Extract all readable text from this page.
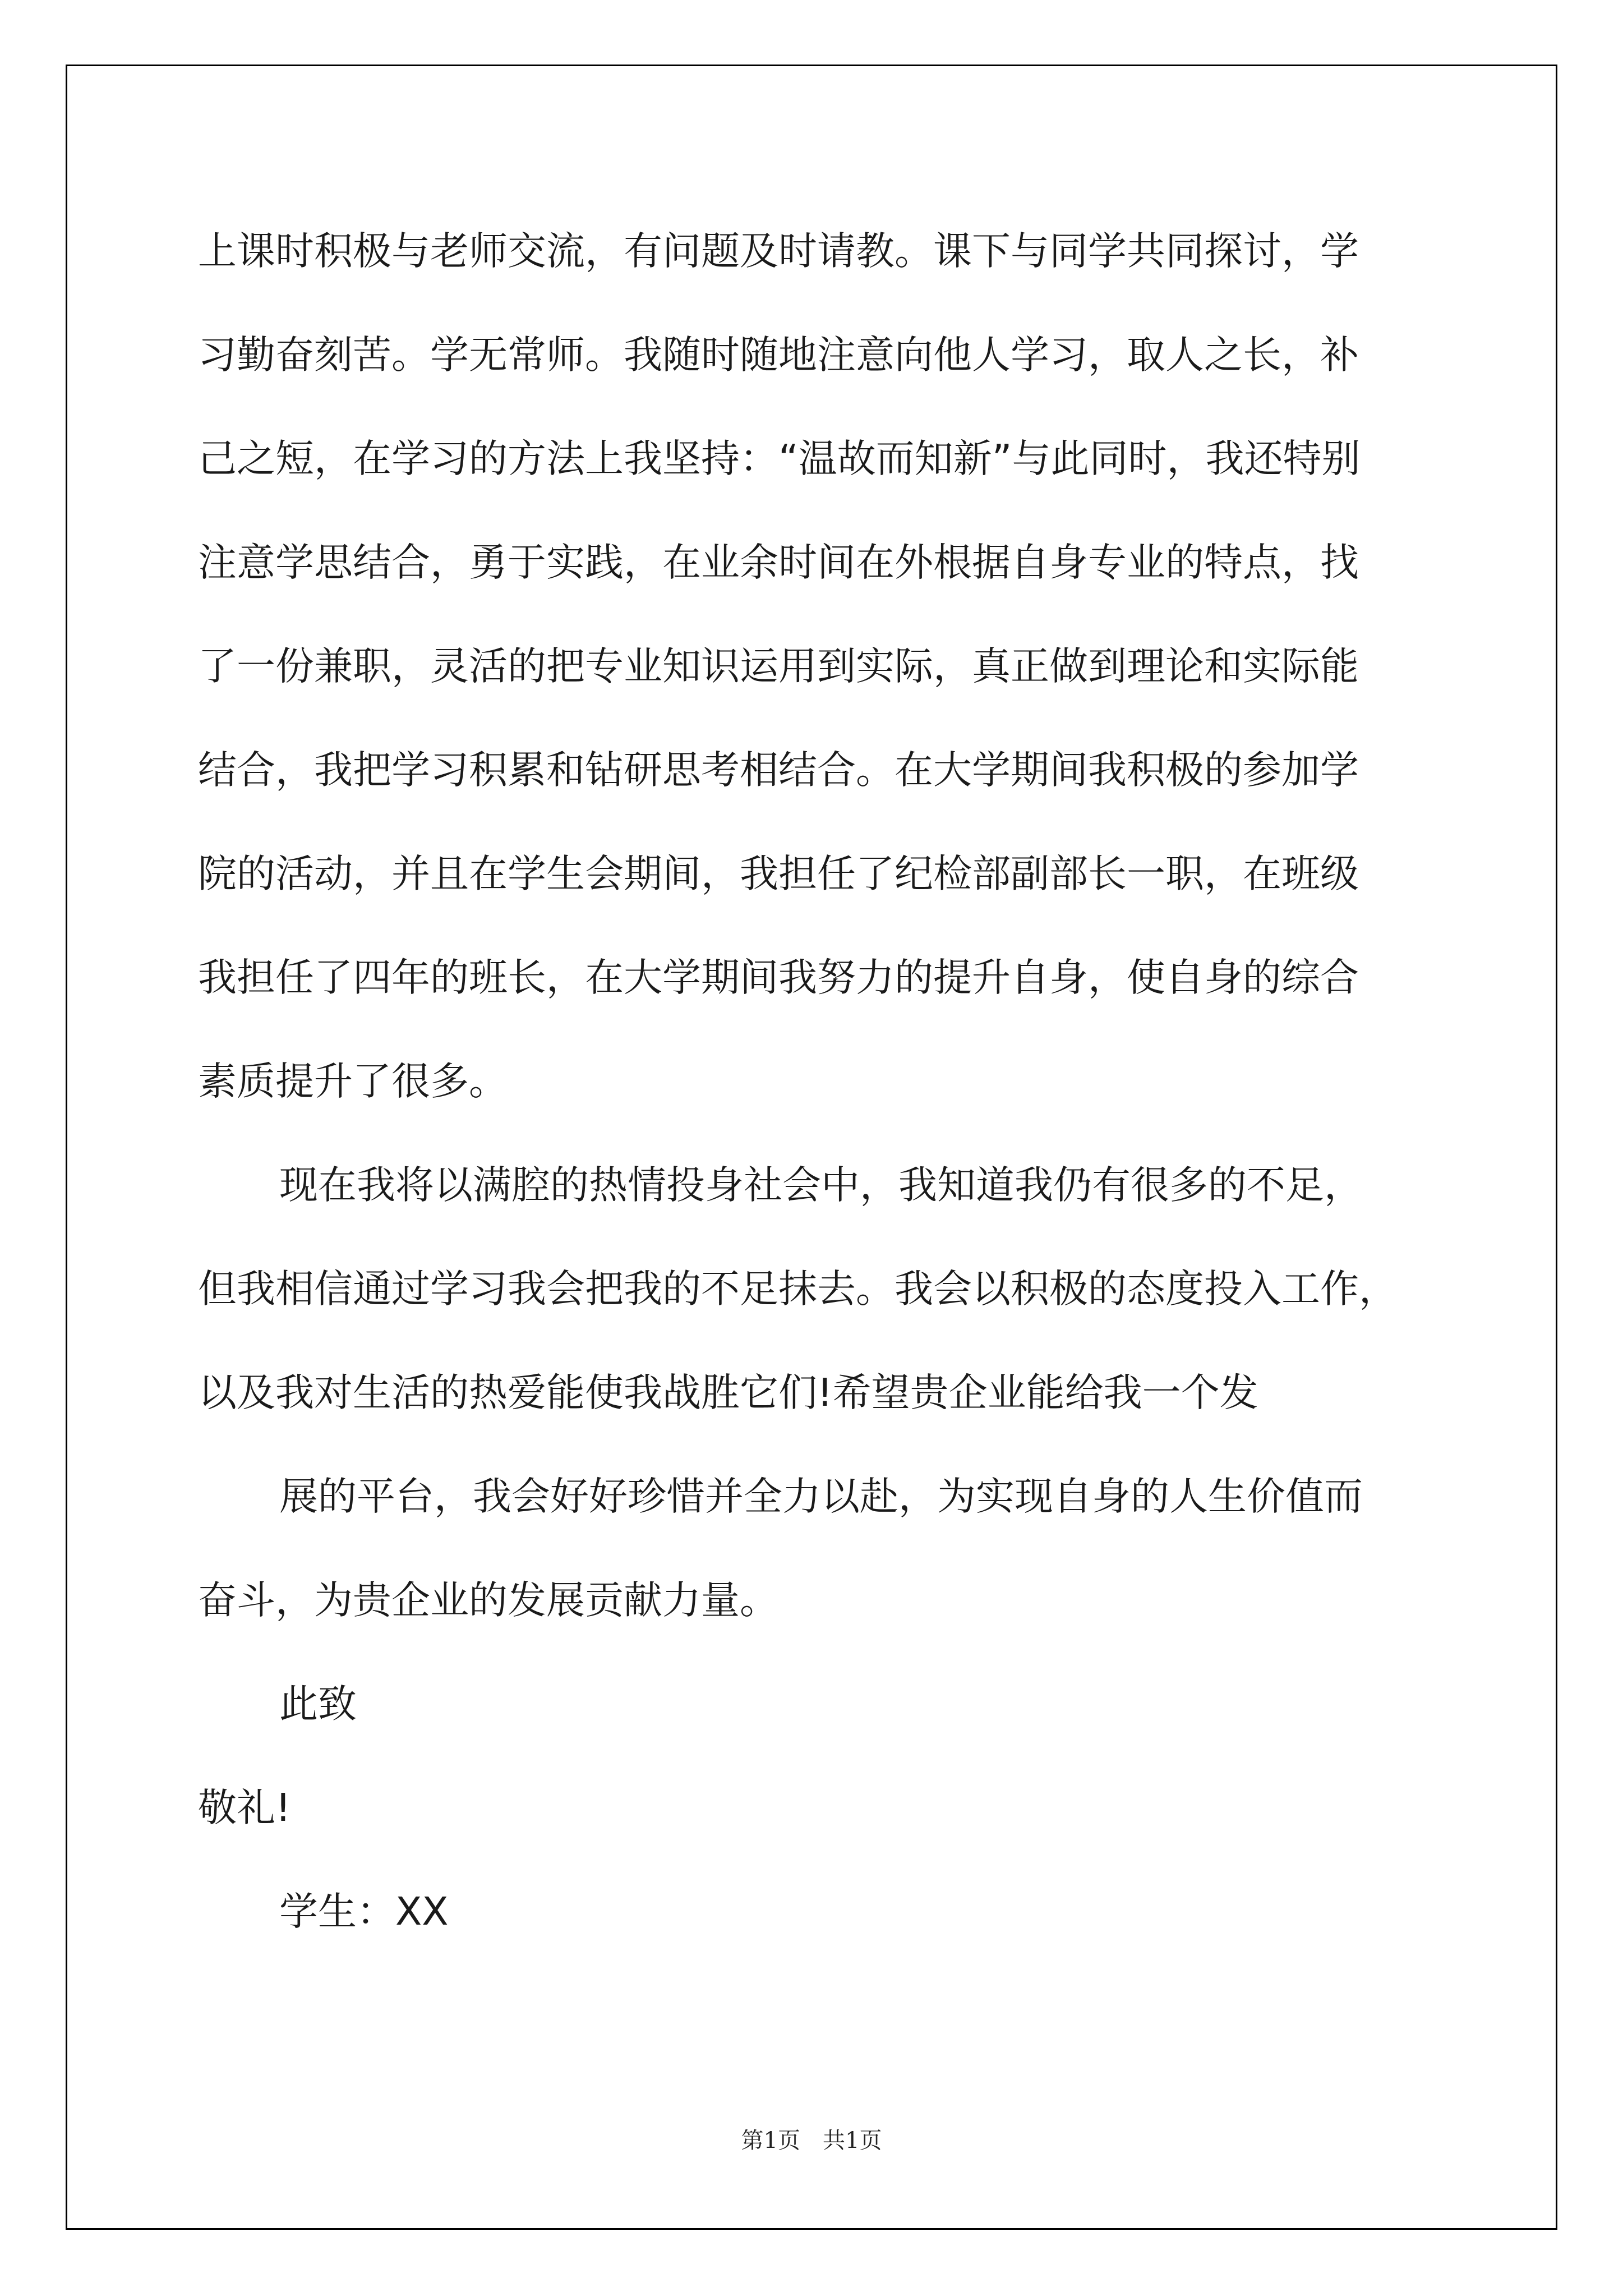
上课时积极与老师交流，有问题及时请教。课下与同学共同探讨，学
习勤奋刻苦。学无常师。我随时随地注意向他人学习，取人之长，补
己之短，在学习的方法上我坚持：“温故而知新”与此同时，我还特别
注意学思结合，勇于实践，在业余时间在外根据自身专业的特点，找
了一份兼职，灵活的把专业知识运用到实际，真正做到理论和实际能
结合，我把学习积累和钻研思考相结合。在大学期间我积极的参加学
院的活动，并且在学生会期间，我担任了纪检部副部长一职，在班级
我担任了四年的班长，在大学期间我努力的提升自身，使自身的综合
素质提升了很多。
现在我将以满腔的热情投身社会中，我知道我仍有很多的不足，
但我相信通过学习我会把我的不足抹去。我会以积极的态度投入工作，
以及我对生活的热爱能使我战胜它们!希望贵企业能给我一个发
展的平台，我会好好珍惜并全力以赴，为实现自身的人生价值而
奋斗，为贵企业的发展贡献力量。
此致
敬礼!
学生：XX
第1页　共1页
